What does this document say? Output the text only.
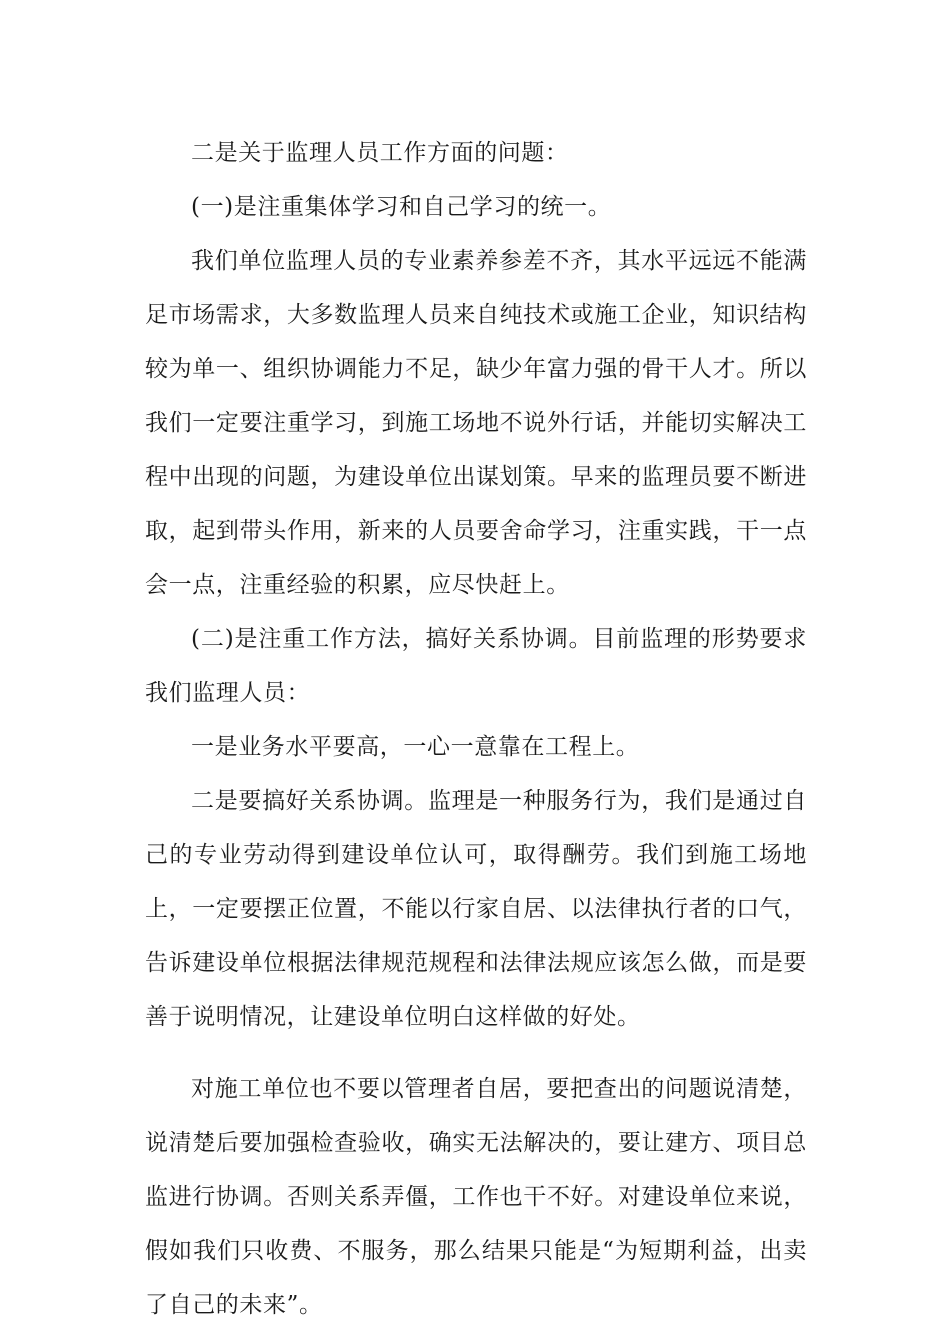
二是关于监理人员工作方面的问题：

(一)是注重集体学习和自己学习的统一。

我们单位监理人员的专业素养参差不齐，其水平远远不能满足市场需求，大多数监理人员来自纯技术或施工企业，知识结构较为单一、组织协调能力不足，缺少年富力强的骨干人才。所以我们一定要注重学习，到施工场地不说外行话，并能切实解决工程中出现的问题，为建设单位出谋划策。早来的监理员要不断进取，起到带头作用，新来的人员要舍命学习，注重实践，干一点会一点，注重经验的积累，应尽快赶上。

(二)是注重工作方法，搞好关系协调。目前监理的形势要求我们监理人员：

一是业务水平要高，一心一意靠在工程上。

二是要搞好关系协调。监理是一种服务行为，我们是通过自己的专业劳动得到建设单位认可，取得酬劳。我们到施工场地上，一定要摆正位置，不能以行家自居、以法律执行者的口气，告诉建设单位根据法律规范规程和法律法规应该怎么做，而是要善于说明情况，让建设单位明白这样做的好处。

对施工单位也不要以管理者自居，要把查出的问题说清楚，说清楚后要加强检查验收，确实无法解决的，要让建方、项目总监进行协调。否则关系弄僵，工作也干不好。对建设单位来说，假如我们只收费、不服务，那么结果只能是“为短期利益，出卖了自己的未来”。
